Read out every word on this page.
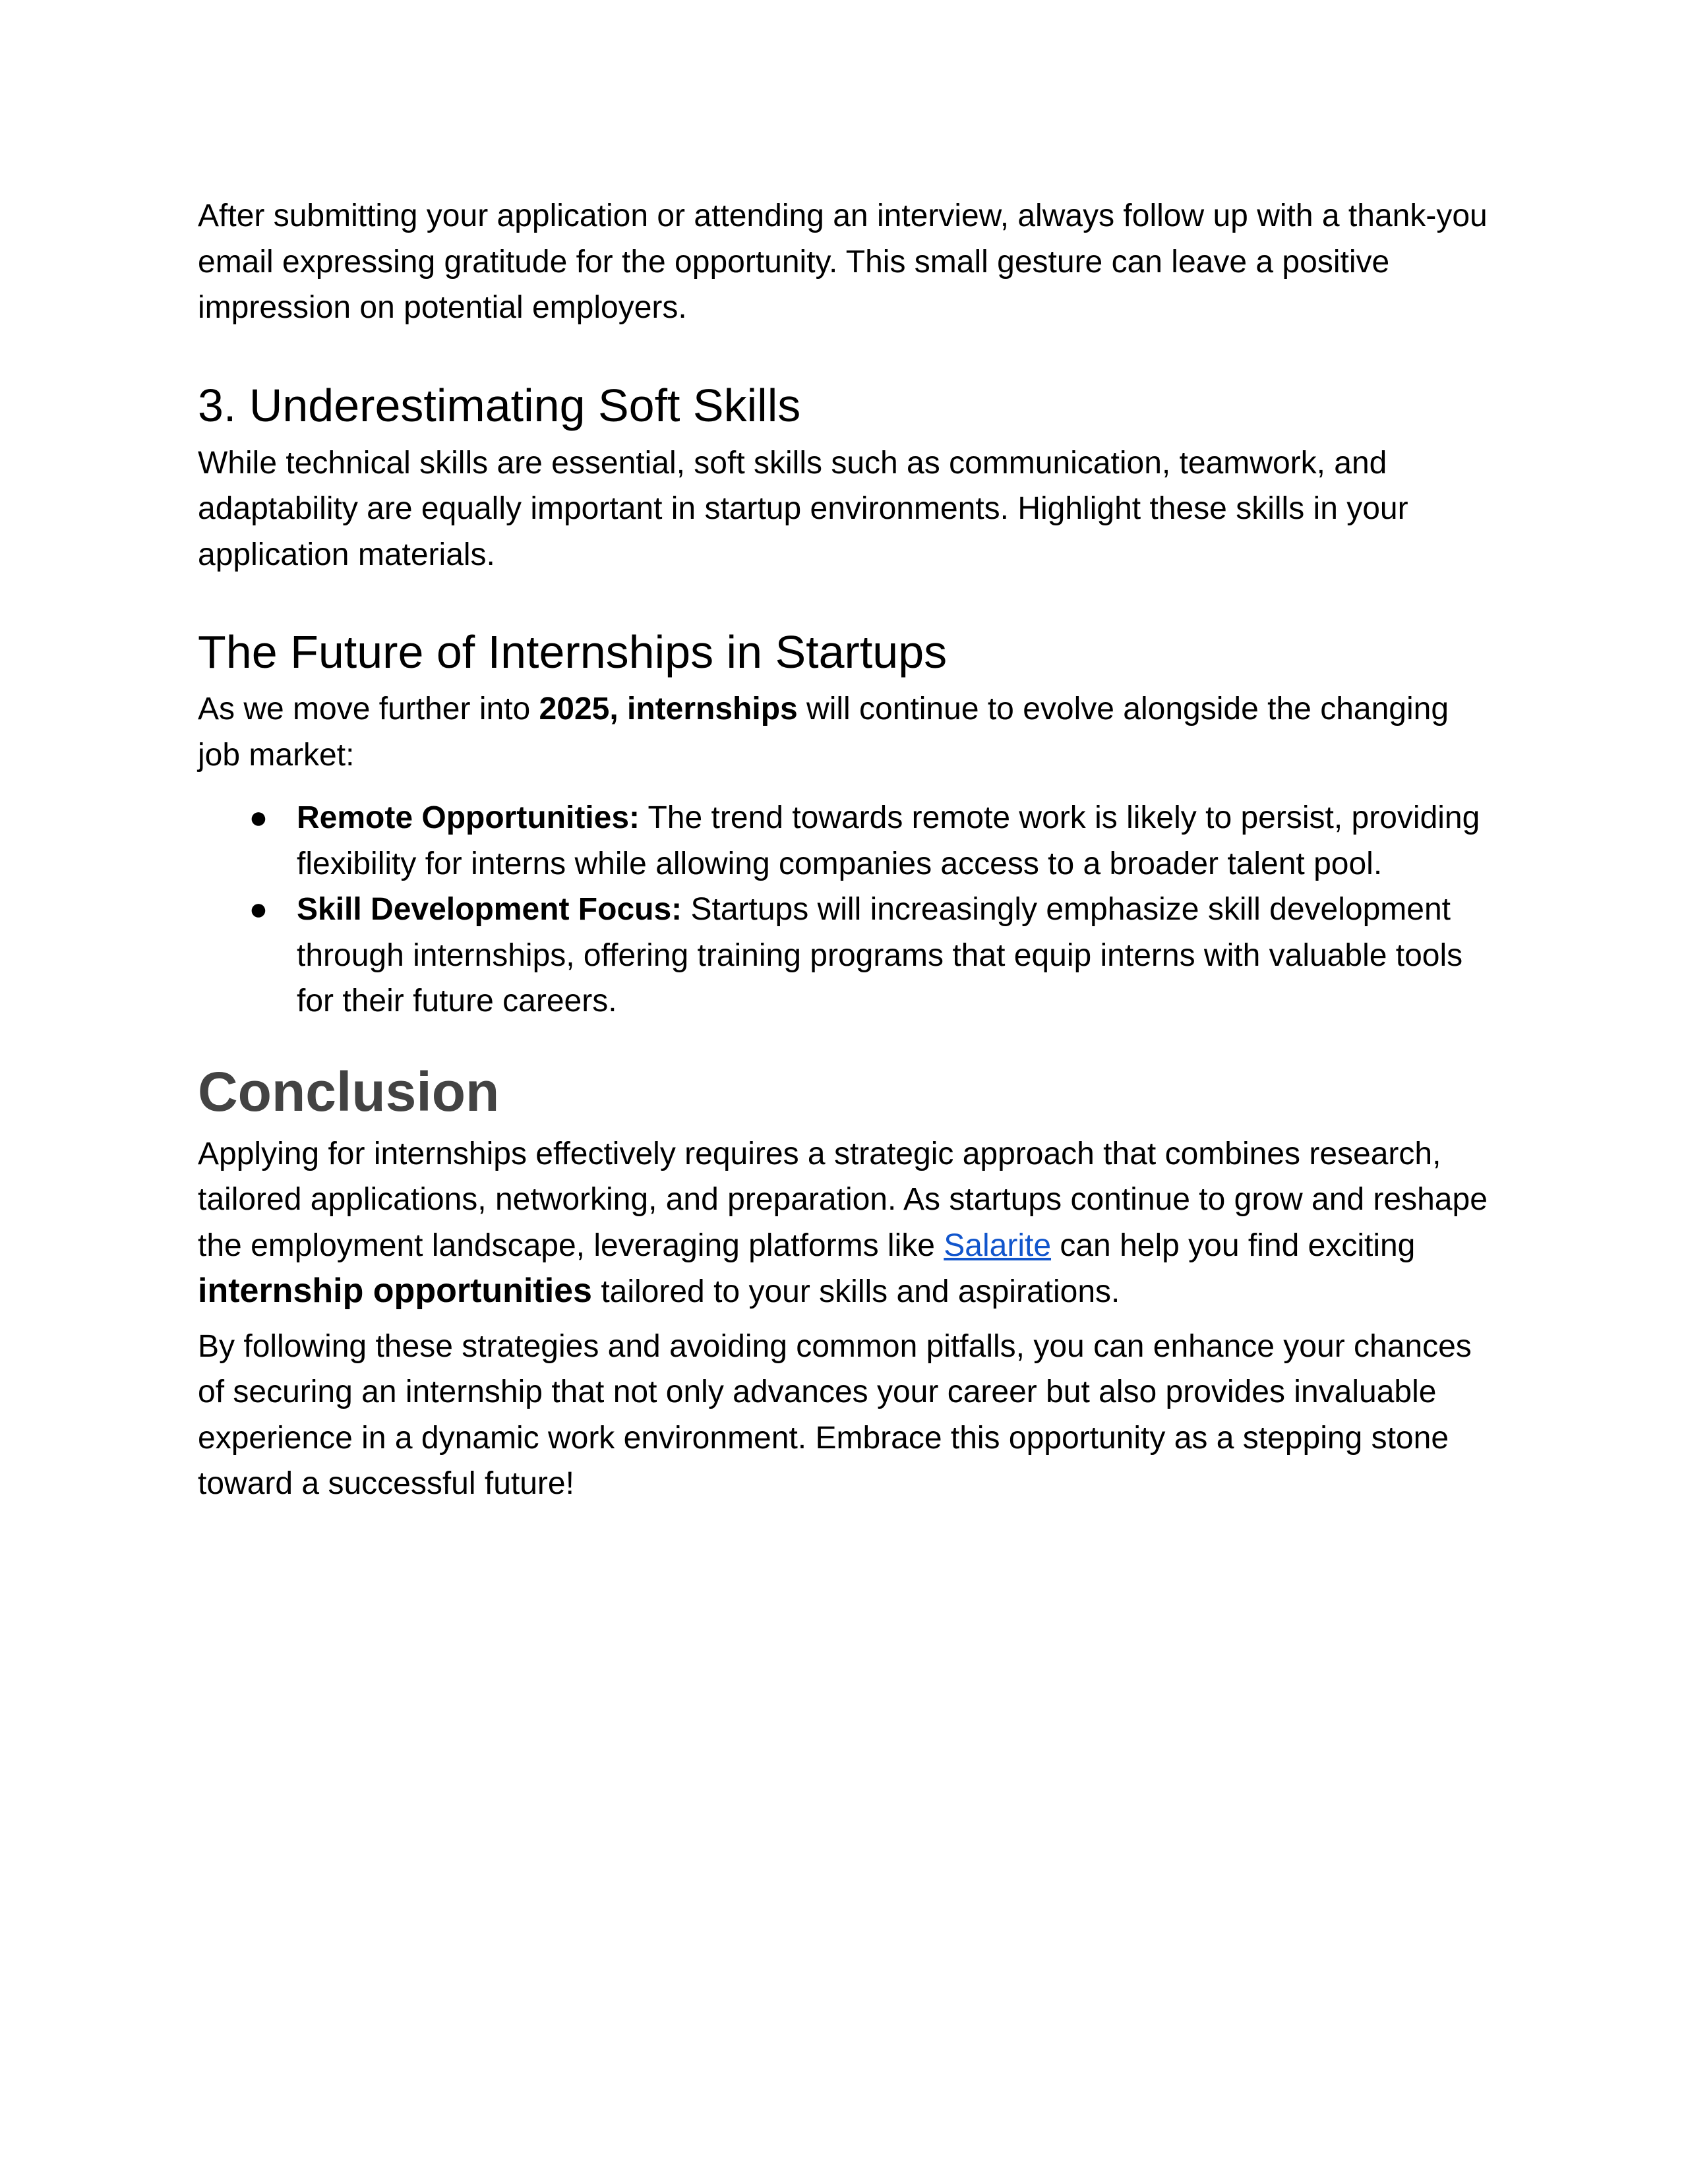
After submitting your application or attending an interview, always follow up with a thank-you email expressing gratitude for the opportunity. This small gesture can leave a positive impression on potential employers.

3. Underestimating Soft Skills

While technical skills are essential, soft skills such as communication, teamwork, and adaptability are equally important in startup environments. Highlight these skills in your application materials.

The Future of Internships in Startups

As we move further into 2025, internships will continue to evolve alongside the changing job market:

● Remote Opportunities: The trend towards remote work is likely to persist, providing flexibility for interns while allowing companies access to a broader talent pool.
● Skill Development Focus: Startups will increasingly emphasize skill development through internships, offering training programs that equip interns with valuable tools for their future careers.
Conclusion

Applying for internships effectively requires a strategic approach that combines research, tailored applications, networking, and preparation. As startups continue to grow and reshape the employment landscape, leveraging platforms like Salarite can help you find exciting internship opportunities tailored to your skills and aspirations.

By following these strategies and avoiding common pitfalls, you can enhance your chances of securing an internship that not only advances your career but also provides invaluable experience in a dynamic work environment. Embrace this opportunity as a stepping stone toward a successful future!
